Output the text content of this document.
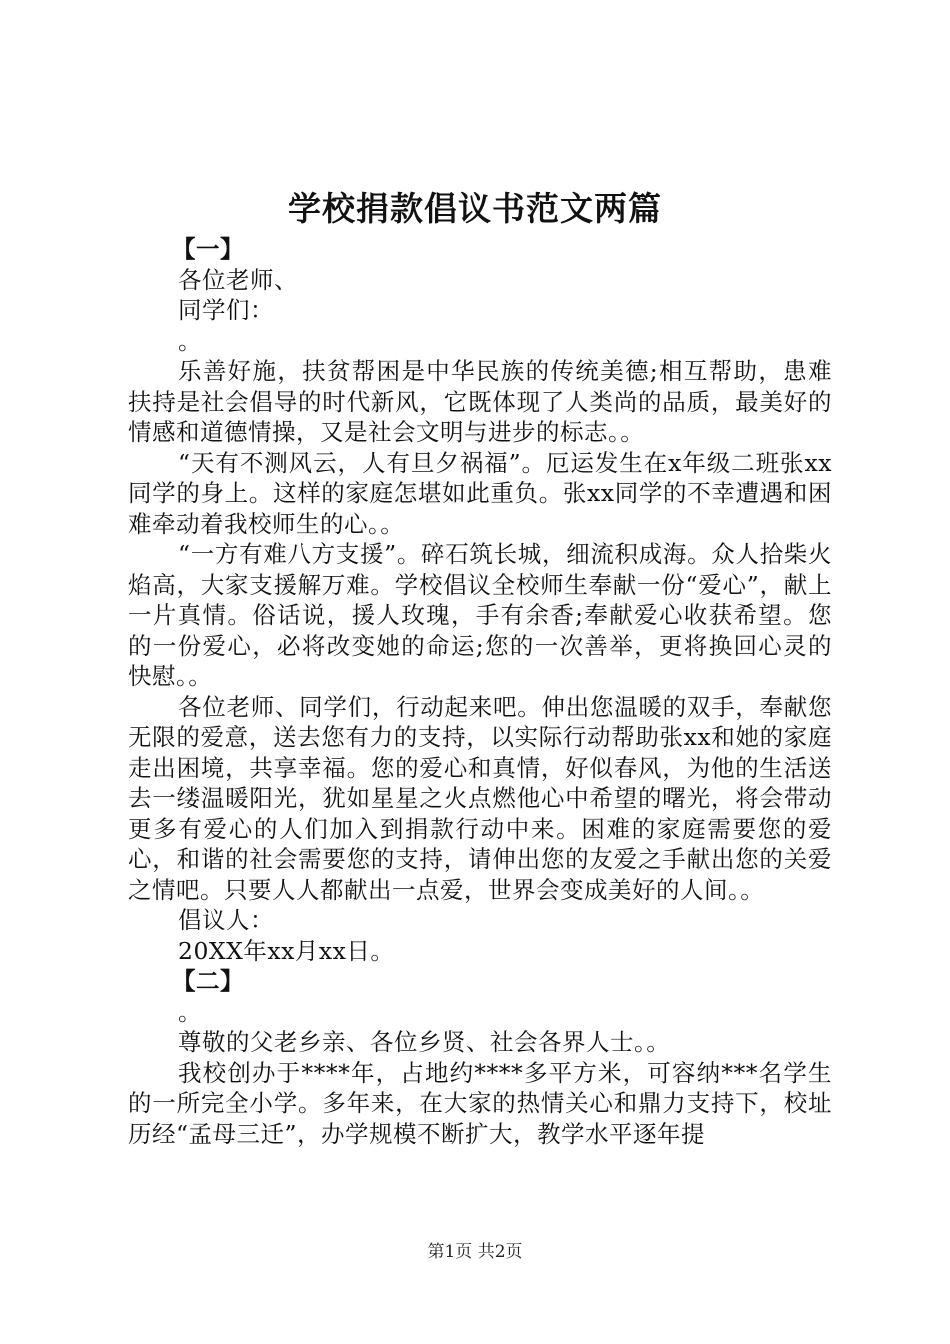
学校捐款倡议书范文两篇
【一】
各位老师、
同学们：
。

乐善好施，扶贫帮困是中华民族的传统美德;相互帮助，患难扶持是社会倡导的时代新风，它既体现了人类尚的品质，最美好的情感和道德情操，又是社会文明与进步的标志。。

“天有不测风云，人有旦夕祸福”。厄运发生在x年级二班张xx同学的身上。这样的家庭怎堪如此重负。张xx同学的不幸遭遇和困难牵动着我校师生的心。。

“一方有难八方支援”。碎石筑长城，细流积成海。众人拾柴火焰高，大家支援解万难。学校倡议全校师生奉献一份“爱心”，献上一片真情。俗话说，援人玫瑰，手有余香;奉献爱心收获希望。您的一份爱心，必将改变她的命运;您的一次善举，更将换回心灵的快慰。。

各位老师、同学们，行动起来吧。伸出您温暖的双手，奉献您无限的爱意，送去您有力的支持，以实际行动帮助张xx和她的家庭走出困境，共享幸福。您的爱心和真情，好似春风，为他的生活送去一缕温暖阳光，犹如星星之火点燃他心中希望的曙光，将会带动更多有爱心的人们加入到捐款行动中来。困难的家庭需要您的爱心，和谐的社会需要您的支持，请伸出您的友爱之手献出您的关爱之情吧。只要人人都献出一点爱，世界会变成美好的人间。。

倡议人：
20XX年xx月xx日。
【二】
。
尊敬的父老乡亲、各位乡贤、社会各界人士。。

我校创办于****年，占地约****多平方米，可容纳***名学生的一所完全小学。多年来，在大家的热情关心和鼎力支持下，校址历经“孟母三迁”，办学规模不断扩大，教学水平逐年提

第1页 共2页
